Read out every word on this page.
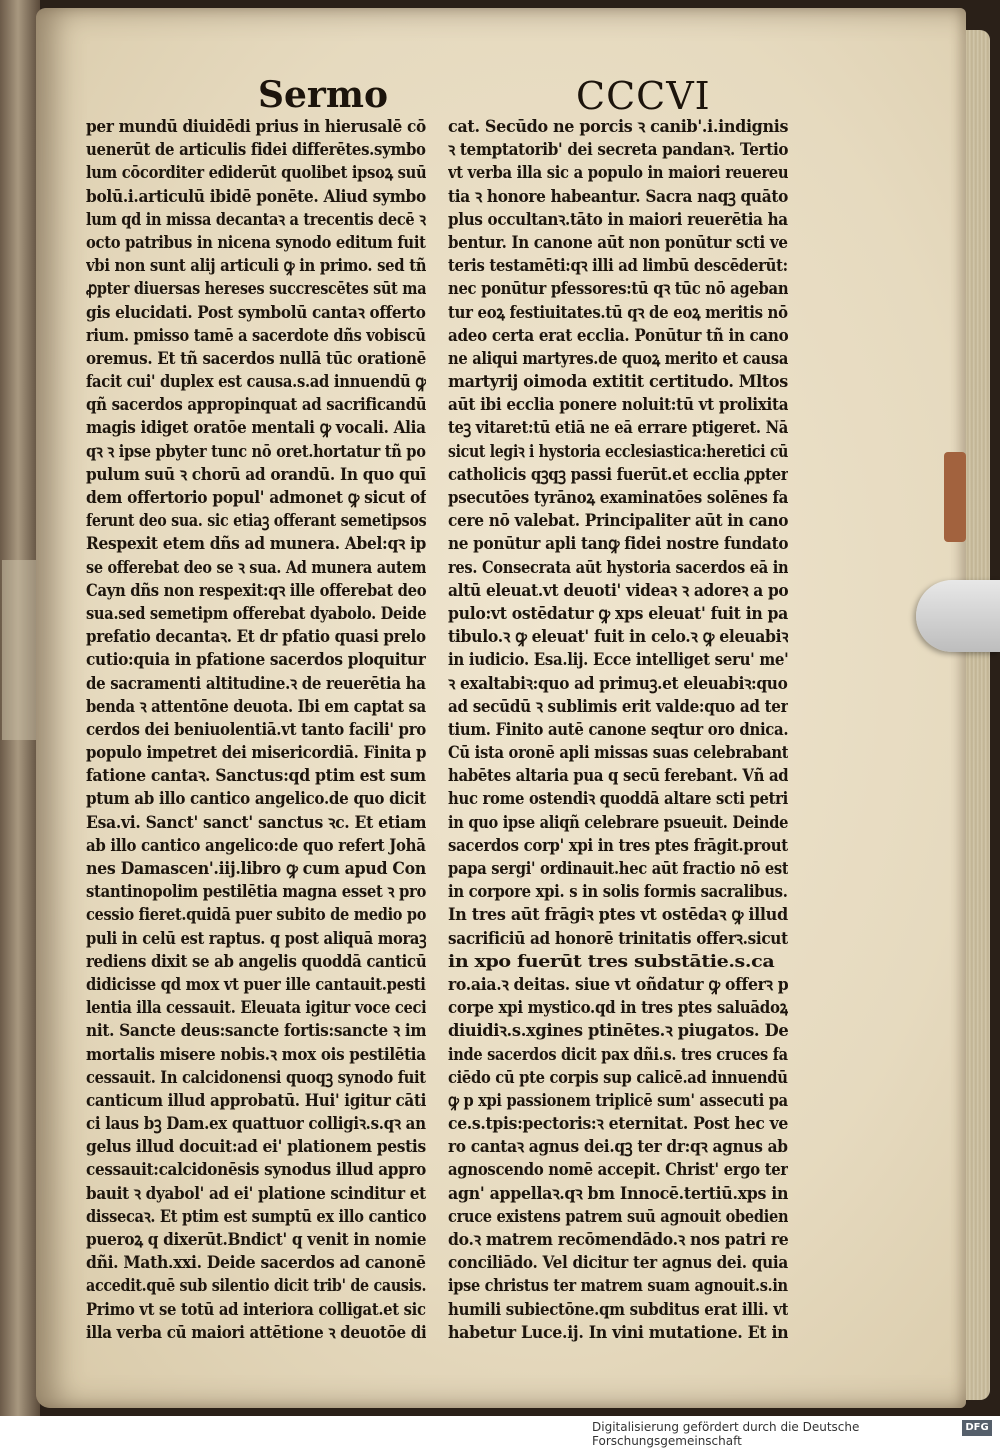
Sermo	CCCVI
per mundū diuidēdi prius in hierusalē cō
uenerūt de articulis fidei differētes.symbo
lum cōcorditer ediderūt quolibet ipsoꝝ suū
bolū.i.articulū ibidē ponēte. Aliud symbo
lum qd in missa decantaꝛ a trecentis decē ꝛ
octo patribus in nicena synodo editum fuit
vbi non sunt alij articuli ꝙ in primo. sed tñ
ꝓpter diuersas hereses succrescētes sūt ma
gis elucidati. Post symbolū cantaꝛ offerto
rium. pmisso tamē a sacerdote dñs vobiscū
oremus. Et tñ sacerdos nullā tūc orationē
facit cui' duplex est causa.s.ad innuendū ꝙ
qñ sacerdos appropinquat ad sacrificandū
magis idiget oratōe mentali ꝙ vocali. Alia
qꝛ ꝛ ipse pbyter tunc nō oret.hortatur tñ po
pulum suū ꝛ chorū ad orandū. In quo quī
dem offertorio popul' admonet ꝙ sicut of
ferunt deo sua. sic etiaꝫ offerant semetipsos
Respexit etem dñs ad munera. Abel:qꝛ ip
se offerebat deo se ꝛ sua. Ad munera autem
Cayn dñs non respexit:qꝛ ille offerebat deo
sua.sed semetipm offerebat dyabolo. Deide
prefatio decantaꝛ. Et dr pfatio quasi prelo
cutio:quia in pfatione sacerdos ploquitur
de sacramenti altitudine.ꝛ de reuerētia ha
benda ꝛ attentōne deuota. Ibi em captat sa
cerdos dei beniuolentiā.vt tanto facili' pro
populo impetret dei misericordiā. Finita p
fatione cantaꝛ. Sanctus:qd ptim est sum
ptum ab illo cantico angelico.de quo dicit
Esa.vi. Sanct' sanct' sanctus ꝛc. Et etiam
ab illo cantico angelico:de quo refert Johā
nes Damascen'.iij.libro ꝙ cum apud Con
stantinopolim pestilētia magna esset ꝛ pro
cessio fieret.quidā puer subito de medio po
puli in celū est raptus. q post aliquā moraꝫ
rediens dixit se ab angelis quoddā canticū
didicisse qd mox vt puer ille cantauit.pesti
lentia illa cessauit. Eleuata igitur voce ceci
nit. Sancte deus:sancte fortis:sancte ꝛ im
mortalis misere nobis.ꝛ mox ois pestilētia
cessauit. In calcidonensi quoqꝫ synodo fuit
canticum illud approbatū. Hui' igitur cāti
ci laus bꝫ Dam.ex quattuor colligiꝛ.s.qꝛ an
gelus illud docuit:ad ei' plationem pestis
cessauit:calcidonēsis synodus illud appro
bauit ꝛ dyabol' ad ei' platione scinditur et
dissecaꝛ. Et ptim est sumptū ex illo cantico
pueroꝝ q dixerūt.Bndict' q venit in nomie
dñi. Math.xxi. Deide sacerdos ad canonē
accedit.quē sub silentio dicit trib' de causis.
Primo vt se totū ad interiora colligat.et sic
illa verba cū maiori attētione ꝛ deuotōe di
cat. Secūdo ne porcis ꝛ canib'.i.indignis
ꝛ temptatorib' dei secreta pandanꝛ. Tertio
vt verba illa sic a populo in maiori reuereu
tia ꝛ honore habeantur. Sacra naqꝫ quāto
plus occultanꝛ.tāto in maiori reuerētia ha
bentur. In canone aūt non ponūtur scti ve
teris testamēti:qꝛ illi ad limbū descēderūt:
nec ponūtur pfessores:tū qꝛ tūc nō ageban
tur eoꝝ festiuitates.tū qꝛ de eoꝝ meritis nō
adeo certa erat ecclia. Ponūtur tñ in cano
ne aliqui martyres.de quoꝝ merito et causa
martyrij oimoda extitit certitudo. Mltos
aūt ibi ecclia ponere noluit:tū vt prolixita
teꝫ vitaret:tū etiā ne eā errare ptigeret. Nā
sicut legiꝛ i hystoria ecclesiastica:heretici cū
catholicis qꝫqꝫ passi fuerūt.et ecclia ꝓpter
psecutōes tyrānoꝝ examinatōes solēnes fa
cere nō valebat. Principaliter aūt in cano
ne ponūtur apli tanꝙ fidei nostre fundato
res. Consecrata aūt hystoria sacerdos eā in
altū eleuat.vt deuoti' videaꝛ ꝛ adoreꝛ a po
pulo:vt ostēdatur ꝙ xps eleuat' fuit in pa
tibulo.ꝛ ꝙ eleuat' fuit in celo.ꝛ ꝙ eleuabiꝛ
in iudicio. Esa.lij. Ecce intelliget seru' me'
ꝛ exaltabiꝛ:quo ad primuꝫ.et eleuabiꝛ:quo
ad secūdū ꝛ sublimis erit valde:quo ad ter
tium. Finito autē canone seqtur oro dnica.
Cū ista oronē apli missas suas celebrabant
habētes altaria pua q secū ferebant. Vñ ad
huc rome ostendiꝛ quoddā altare scti petri
in quo ipse aliqñ celebrare psueuit. Deinde
sacerdos corp' xpi in tres ptes frāgit.prout
papa sergi' ordinauit.hec aūt fractio nō est
in corpore xpi. s in solis formis sacralibus.
In tres aūt frāgiꝛ ptes vt ostēdaꝛ ꝙ illud
sacrificiū ad honorē trinitatis offerꝛ.sicut
in xpo fuerūt tres substātie.s.ca
ro.aia.ꝛ deitas. siue vt oñdatur ꝙ offerꝛ p
corpe xpi mystico.qd in tres ptes saluādoꝝ
diuidiꝛ.s.xgines ptinētes.ꝛ piugatos. De
inde sacerdos dicit pax dñi.s. tres cruces fa
ciēdo cū pte corpis sup calicē.ad innuendū
ꝙ p xpi passionem triplicē sum' assecuti pa
ce.s.tpis:pectoris:ꝛ eternitat. Post hec ve
ro cantaꝛ agnus dei.qꝫ ter dr:qꝛ agnus ab
agnoscendo nomē accepit. Christ' ergo ter
agn' appellaꝛ.qꝛ bm Innocē.tertiū.xps in
cruce existens patrem suū agnouit obedien
do.ꝛ matrem recōmendādo.ꝛ nos patri re
conciliādo. Vel dicitur ter agnus dei. quia
ipse christus ter matrem suam agnouit.s.in
humili subiectōne.qm subditus erat illi. vt
habetur Luce.ij. In vini mutatione. Et in
Digitalisierung gefördert durch die Deutsche Forschungsgemeinschaft
DFG
